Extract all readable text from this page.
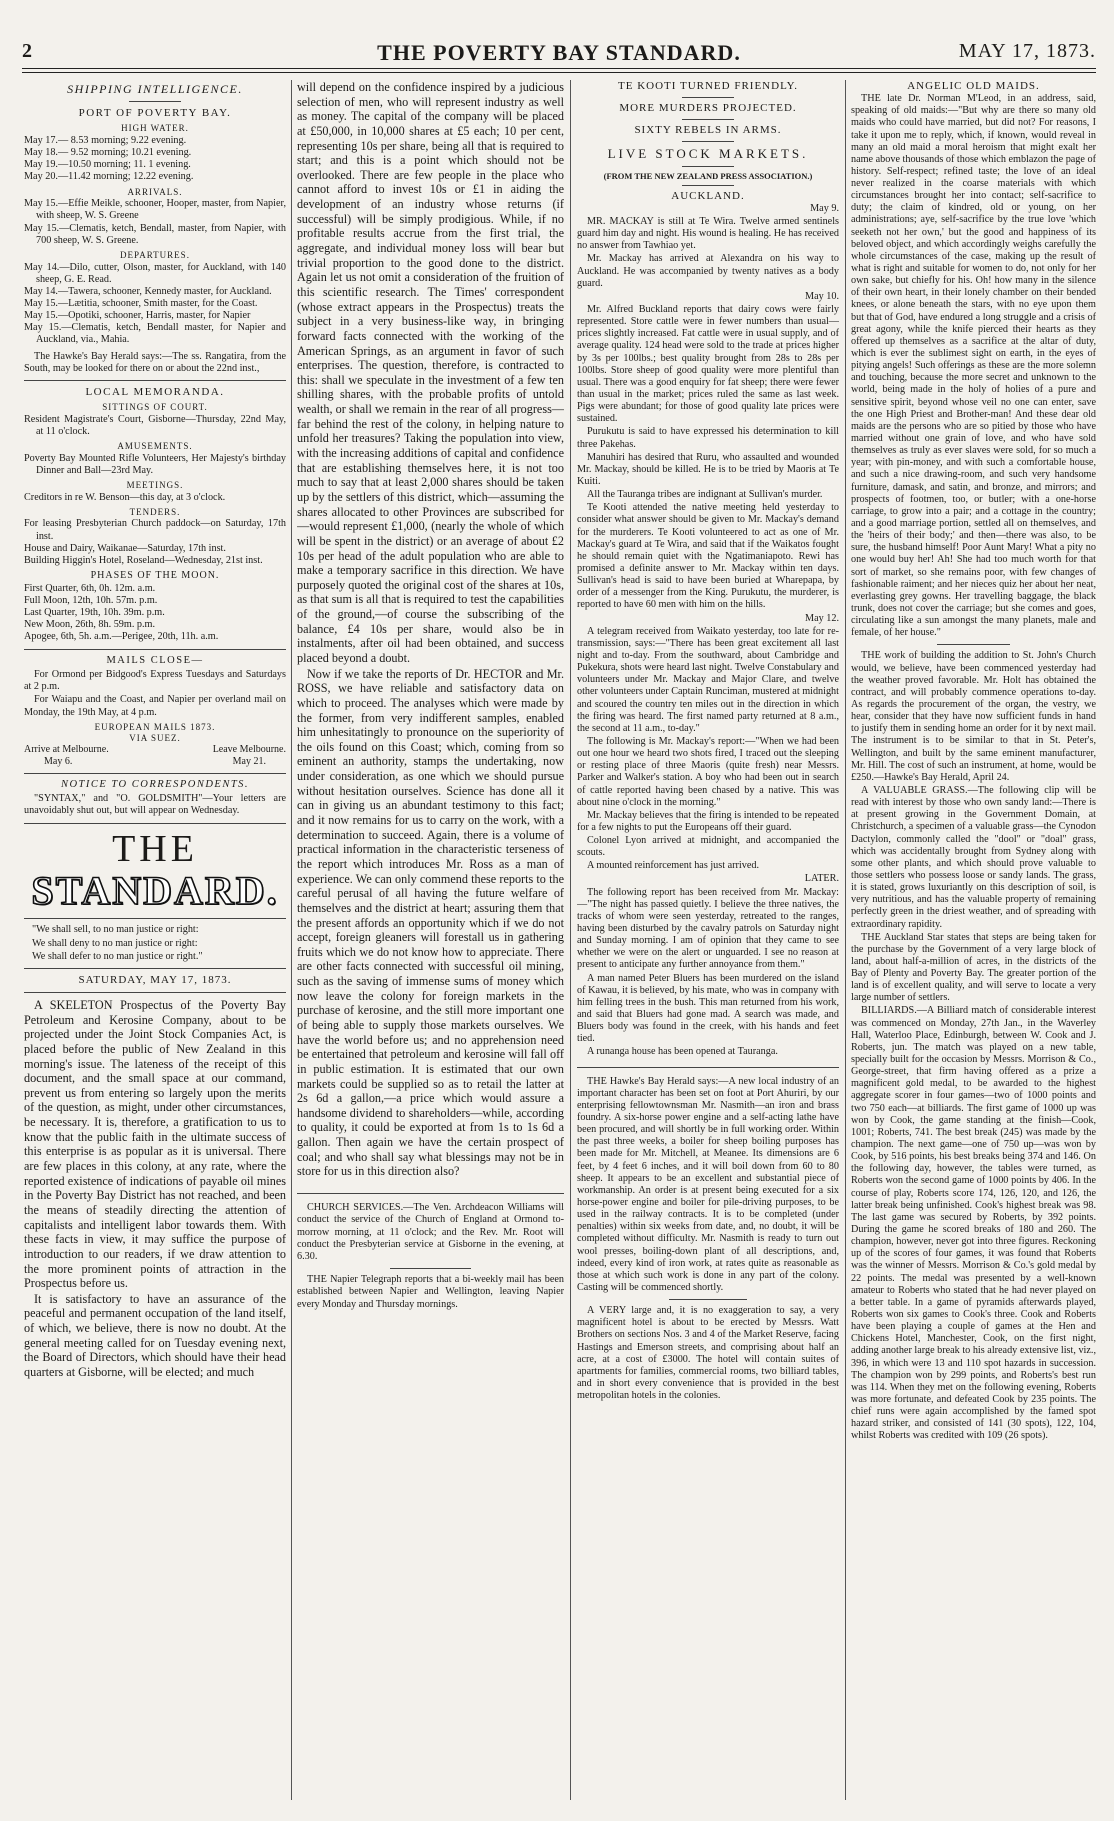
2	THE POVERTY BAY STANDARD.	MAY 17, 1873.
SHIPPING INTELLIGENCE.
PORT OF POVERTY BAY.
HIGH WATER.

May 17.— 8.53 morning; 9.22 evening.

May 18.— 9.52 morning; 10.21 evening.

May 19.—10.50 morning; 11. 1 evening.

May 20.—11.42 morning; 12.22 evening.

ARRIVALS.

May 15.—Effie Meikle, schooner, Hooper, master, from Napier, with sheep, W. S. Greene

May 15.—Clematis, ketch, Bendall, master, from Napier, with 700 sheep, W. S. Greene.

DEPARTURES.

May 14.—Dilo, cutter, Olson, master, for Auckland, with 140 sheep, G. E. Read.

May 14.—Tawera, schooner, Kennedy master, for Auckland.

May 15.—Lætitia, schooner, Smith master, for the Coast.

May 15.—Opotiki, schooner, Harris, master, for Napier

May 15.—Clematis, ketch, Bendall master, for Napier and Auckland, via., Mahia.

The Hawke's Bay Herald says:—The ss. Rangatira, from the South, may be looked for there on or about the 22nd inst.,

LOCAL MEMORANDA.
SITTINGS OF COURT.

Resident Magistrate's Court, Gisborne—Thursday, 22nd May, at 11 o'clock.

AMUSEMENTS.

Poverty Bay Mounted Rifle Volunteers, Her Majesty's birthday Dinner and Ball—23rd May.

MEETINGS.

Creditors in re W. Benson—this day, at 3 o'clock.

TENDERS.

For leasing Presbyterian Church paddock—on Saturday, 17th inst.

House and Dairy, Waikanae—Saturday, 17th inst.

Building Higgin's Hotel, Roseland—Wednesday, 21st inst.

PHASES OF THE MOON.

First Quarter, 6th, 0h. 12m. a.m.

Full Moon, 12th, 10h. 57m. p.m.

Last Quarter, 19th, 10h. 39m. p.m.

New Moon, 26th, 8h. 59m. p.m.

Apogee, 6th, 5h. a.m.—Perigee, 20th, 11h. a.m.

MAILS CLOSE—

For Ormond per Bidgood's Express Tuesdays and Saturdays at 2 p.m.

For Waiapu and the Coast, and Napier per overland mail on Monday, the 19th May, at 4 p.m.

EUROPEAN MAILS 1873.
VIA SUEZ.
Arrive at Melbourne.	Leave Melbourne.
May 6.	May 21.
NOTICE TO CORRESPONDENTS.

"SYNTAX," and "O. GOLDSMITH"—Your letters are unavoidably shut out, but will appear on Wednesday.

THE
STANDARD.

"We shall sell, to no man justice or right:

We shall deny to no man justice or right:

We shall defer to no man justice or right."

SATURDAY, MAY 17, 1873.

A SKELETON Prospectus of the Poverty Bay Petroleum and Kerosine Company, about to be projected under the Joint Stock Companies Act, is placed before the public of New Zealand in this morning's issue. The lateness of the receipt of this document, and the small space at our command, prevent us from entering so largely upon the merits of the question, as might, under other circumstances, be necessary. It is, therefore, a gratification to us to know that the public faith in the ultimate success of this enterprise is as popular as it is universal. There are few places in this colony, at any rate, where the reported existence of indications of payable oil mines in the Poverty Bay District has not reached, and been the means of steadily directing the attention of capitalists and intelligent labor towards them. With these facts in view, it may suffice the purpose of introduction to our readers, if we draw attention to the more prominent points of attraction in the Prospectus before us.

It is satisfactory to have an assurance of the peaceful and permanent occupation of the land itself, of which, we believe, there is now no doubt. At the general meeting called for on Tuesday evening next, the Board of Directors, which should have their head quarters at Gisborne, will be elected; and much

will depend on the confidence inspired by a judicious selection of men, who will represent industry as well as money. The capital of the company will be placed at £50,000, in 10,000 shares at £5 each; 10 per cent, representing 10s per share, being all that is required to start; and this is a point which should not be overlooked. There are few people in the place who cannot afford to invest 10s or £1 in aiding the development of an industry whose returns (if successful) will be simply prodigious. While, if no profitable results accrue from the first trial, the aggregate, and individual money loss will bear but trivial proportion to the good done to the district. Again let us not omit a consideration of the fruition of this scientific research. The Times' correspondent (whose extract appears in the Prospectus) treats the subject in a very business-like way, in bringing forward facts connected with the working of the American Springs, as an argument in favor of such enterprises. The question, therefore, is contracted to this: shall we speculate in the investment of a few ten shilling shares, with the probable profits of untold wealth, or shall we remain in the rear of all progress—far behind the rest of the colony, in helping nature to unfold her treasures? Taking the population into view, with the increasing additions of capital and confidence that are establishing themselves here, it is not too much to say that at least 2,000 shares should be taken up by the settlers of this district, which—assuming the shares allocated to other Provinces are subscribed for—would represent £1,000, (nearly the whole of which will be spent in the district) or an average of about £2 10s per head of the adult population who are able to make a temporary sacrifice in this direction. We have purposely quoted the original cost of the shares at 10s, as that sum is all that is required to test the capabilities of the ground,—of course the subscribing of the balance, £4 10s per share, would also be in instalments, after oil had been obtained, and success placed beyond a doubt.

Now if we take the reports of Dr. HECTOR and Mr. ROSS, we have reliable and satisfactory data on which to proceed. The analyses which were made by the former, from very indifferent samples, enabled him unhesitatingly to pronounce on the superiority of the oils found on this Coast; which, coming from so eminent an authority, stamps the undertaking, now under consideration, as one which we should pursue without hesitation ourselves. Science has done all it can in giving us an abundant testimony to this fact; and it now remains for us to carry on the work, with a determination to succeed. Again, there is a volume of practical information in the characteristic terseness of the report which introduces Mr. Ross as a man of experience. We can only commend these reports to the careful perusal of all having the future welfare of themselves and the district at heart; assuring them that the present affords an opportunity which if we do not accept, foreign gleaners will forestall us in gathering fruits which we do not know how to appreciate. There are other facts connected with successful oil mining, such as the saving of immense sums of money which now leave the colony for foreign markets in the purchase of kerosine, and the still more important one of being able to supply those markets ourselves. We have the world before us; and no apprehension need be entertained that petroleum and kerosine will fall off in public estimation. It is estimated that our own markets could be supplied so as to retail the latter at 2s 6d a gallon,—a price which would assure a handsome dividend to shareholders—while, according to quality, it could be exported at from 1s to 1s 6d a gallon. Then again we have the certain prospect of coal; and who shall say what blessings may not be in store for us in this direction also?

CHURCH SERVICES.—The Ven. Archdeacon Williams will conduct the service of the Church of England at Ormond to-morrow morning, at 11 o'clock; and the Rev. Mr. Root will conduct the Presbyterian service at Gisborne in the evening, at 6.30.

THE Napier Telegraph reports that a bi-weekly mail has been established between Napier and Wellington, leaving Napier every Monday and Thursday mornings.

TE KOOTI TURNED FRIENDLY.
MORE MURDERS PROJECTED.
SIXTY REBELS IN ARMS.
LIVE STOCK MARKETS.
(FROM THE NEW ZEALAND PRESS ASSOCIATION.)
AUCKLAND.

May 9.

MR. MACKAY is still at Te Wira. Twelve armed sentinels guard him day and night. His wound is healing. He has received no answer from Tawhiao yet.

Mr. Mackay has arrived at Alexandra on his way to Auckland. He was accompanied by twenty natives as a body guard.

May 10.

Mr. Alfred Buckland reports that dairy cows were fairly represented. Store cattle were in fewer numbers than usual—prices slightly increased. Fat cattle were in usual supply, and of average quality. 124 head were sold to the trade at prices higher by 3s per 100lbs.; best quality brought from 28s to 28s per 100lbs. Store sheep of good quality were more plentiful than usual. There was a good enquiry for fat sheep; there were fewer than usual in the market; prices ruled the same as last week. Pigs were abundant; for those of good quality late prices were sustained.

Purukutu is said to have expressed his determination to kill three Pakehas.

Manuhiri has desired that Ruru, who assaulted and wounded Mr. Mackay, should be killed. He is to be tried by Maoris at Te Kuiti.

All the Tauranga tribes are indignant at Sullivan's murder.

Te Kooti attended the native meeting held yesterday to consider what answer should be given to Mr. Mackay's demand for the murderers. Te Kooti volunteered to act as one of Mr. Mackay's guard at Te Wira, and said that if the Waikatos fought he should remain quiet with the Ngatimaniapoto. Rewi has promised a definite answer to Mr. Mackay within ten days. Sullivan's head is said to have been buried at Wharepapa, by order of a messenger from the King. Purukutu, the murderer, is reported to have 60 men with him on the hills.

May 12.

A telegram received from Waikato yesterday, too late for re-transmission, says:—"There has been great excitement all last night and to-day. From the southward, about Cambridge and Pukekura, shots were heard last night. Twelve Constabulary and volunteers under Mr. Mackay and Major Clare, and twelve other volunteers under Captain Runciman, mustered at midnight and scoured the country ten miles out in the direction in which the firing was heard. The first named party returned at 8 a.m., the second at 11 a.m., to-day."

The following is Mr. Mackay's report:—"When we had been out one hour we heard two shots fired, I traced out the sleeping or resting place of three Maoris (quite fresh) near Messrs. Parker and Walker's station. A boy who had been out in search of cattle reported having been chased by a native. This was about nine o'clock in the morning."

Mr. Mackay believes that the firing is intended to be repeated for a few nights to put the Europeans off their guard.

Colonel Lyon arrived at midnight, and accompanied the scouts.

A mounted reinforcement has just arrived.

LATER.

The following report has been received from Mr. Mackay:—"The night has passed quietly. I believe the three natives, the tracks of whom were seen yesterday, retreated to the ranges, having been disturbed by the cavalry patrols on Saturday night and Sunday morning. I am of opinion that they came to see whether we were on the alert or unguarded. I see no reason at present to anticipate any further annoyance from them."

A man named Peter Bluers has been murdered on the island of Kawau, it is believed, by his mate, who was in company with him felling trees in the bush. This man returned from his work, and said that Bluers had gone mad. A search was made, and Bluers body was found in the creek, with his hands and feet tied.

A runanga house has been opened at Tauranga.

THE Hawke's Bay Herald says:—A new local industry of an important character has been set on foot at Port Ahuriri, by our enterprising fellowtownsman Mr. Nasmith—an iron and brass foundry. A six-horse power engine and a self-acting lathe have been procured, and will shortly be in full working order. Within the past three weeks, a boiler for sheep boiling purposes has been made for Mr. Mitchell, at Meanee. Its dimensions are 6 feet, by 4 feet 6 inches, and it will boil down from 60 to 80 sheep. It appears to be an excellent and substantial piece of workmanship. An order is at present being executed for a six horse-power engine and boiler for pile-driving purposes, to be used in the railway contracts. It is to be completed (under penalties) within six weeks from date, and, no doubt, it will be completed without difficulty. Mr. Nasmith is ready to turn out wool presses, boiling-down plant of all descriptions, and, indeed, every kind of iron work, at rates quite as reasonable as those at which such work is done in any part of the colony. Casting will be commenced shortly.

A VERY large and, it is no exaggeration to say, a very magnificent hotel is about to be erected by Messrs. Watt Brothers on sections Nos. 3 and 4 of the Market Reserve, facing Hastings and Emerson streets, and comprising about half an acre, at a cost of £3000. The hotel will contain suites of apartments for families, commercial rooms, two billiard tables, and in short every convenience that is provided in the best metropolitan hotels in the colonies.

ANGELIC OLD MAIDS.

THE late Dr. Norman M'Leod, in an address, said, speaking of old maids:—"But why are there so many old maids who could have married, but did not? For reasons, I take it upon me to reply, which, if known, would reveal in many an old maid a moral heroism that might exalt her name above thousands of those which emblazon the page of history. Self-respect; refined taste; the love of an ideal never realized in the coarse materials with which circumstances brought her into contact; self-sacrifice to duty; the claim of kindred, old or young, on her administrations; aye, self-sacrifice by the true love 'which seeketh not her own,' but the good and happiness of its beloved object, and which accordingly weighs carefully the whole circumstances of the case, making up the result of what is right and suitable for women to do, not only for her own sake, but chiefly for his. Oh! how many in the silence of their own heart, in their lonely chamber on their bended knees, or alone beneath the stars, with no eye upon them but that of God, have endured a long struggle and a crisis of great agony, while the knife pierced their hearts as they offered up themselves as a sacrifice at the altar of duty, which is ever the sublimest sight on earth, in the eyes of pitying angels! Such offerings as these are the more solemn and touching, because the more secret and unknown to the world, being made in the holy of holies of a pure and sensitive spirit, beyond whose veil no one can enter, save the one High Priest and Brother-man! And these dear old maids are the persons who are so pitied by those who have married without one grain of love, and who have sold themselves as truly as ever slaves were sold, for so much a year; with pin-money, and with such a comfortable house, and such a nice drawing-room, and such very handsome furniture, damask, and satin, and bronze, and mirrors; and prospects of footmen, too, or butler; with a one-horse carriage, to grow into a pair; and a cottage in the country; and a good marriage portion, settled all on themselves, and the 'heirs of their body;' and then—there was also, to be sure, the husband himself! Poor Aunt Mary! What a pity no one would buy her! Ah! She had too much worth for that sort of market, so she remains poor, with few changes of fashionable raiment; and her nieces quiz her about her neat, everlasting grey gowns. Her travelling baggage, the black trunk, does not cover the carriage; but she comes and goes, circulating like a sun amongst the many planets, male and female, of her house."

THE work of building the addition to St. John's Church would, we believe, have been commenced yesterday had the weather proved favorable. Mr. Holt has obtained the contract, and will probably commence operations to-day. As regards the procurement of the organ, the vestry, we hear, consider that they have now sufficient funds in hand to justify them in sending home an order for it by next mail. The instrument is to be similar to that in St. Peter's, Wellington, and built by the same eminent manufacturer, Mr. Hill. The cost of such an instrument, at home, would be £250.—Hawke's Bay Herald, April 24.

A VALUABLE GRASS.—The following clip will be read with interest by those who own sandy land:—There is at present growing in the Government Domain, at Christchurch, a specimen of a valuable grass—the Cynodon Dactylon, commonly called the "dool" or "doal" grass, which was accidentally brought from Sydney along with some other plants, and which should prove valuable to those settlers who possess loose or sandy lands. The grass, it is stated, grows luxuriantly on this description of soil, is very nutritious, and has the valuable property of remaining perfectly green in the driest weather, and of spreading with extraordinary rapidity.

THE Auckland Star states that steps are being taken for the purchase by the Government of a very large block of land, about half-a-million of acres, in the districts of the Bay of Plenty and Poverty Bay. The greater portion of the land is of excellent quality, and will serve to locate a very large number of settlers.

BILLIARDS.—A Billiard match of considerable interest was commenced on Monday, 27th Jan., in the Waverley Hall, Waterloo Place, Edinburgh, between W. Cook and J. Roberts, jun. The match was played on a new table, specially built for the occasion by Messrs. Morrison & Co., George-street, that firm having offered as a prize a magnificent gold medal, to be awarded to the highest aggregate scorer in four games—two of 1000 points and two 750 each—at billiards. The first game of 1000 up was won by Cook, the game standing at the finish—Cook, 1001; Roberts, 741. The best break (245) was made by the champion. The next game—one of 750 up—was won by Cook, by 516 points, his best breaks being 374 and 146. On the following day, however, the tables were turned, as Roberts won the second game of 1000 points by 406. In the course of play, Roberts score 174, 126, 120, and 126, the latter break being unfinished. Cook's highest break was 98. The last game was secured by Roberts, by 392 points. During the game he scored breaks of 180 and 260. The champion, however, never got into three figures. Reckoning up of the scores of four games, it was found that Roberts was the winner of Messrs. Morrison & Co.'s gold medal by 22 points. The medal was presented by a well-known amateur to Roberts who stated that he had never played on a better table. In a game of pyramids afterwards played, Roberts won six games to Cook's three. Cook and Roberts have been playing a couple of games at the Hen and Chickens Hotel, Manchester, Cook, on the first night, adding another large break to his already extensive list, viz., 396, in which were 13 and 110 spot hazards in succession. The champion won by 299 points, and Roberts's best run was 114. When they met on the following evening, Roberts was more fortunate, and defeated Cook by 235 points. The chief runs were again accomplished by the famed spot hazard striker, and consisted of 141 (30 spots), 122, 104, whilst Roberts was credited with 109 (26 spots).
